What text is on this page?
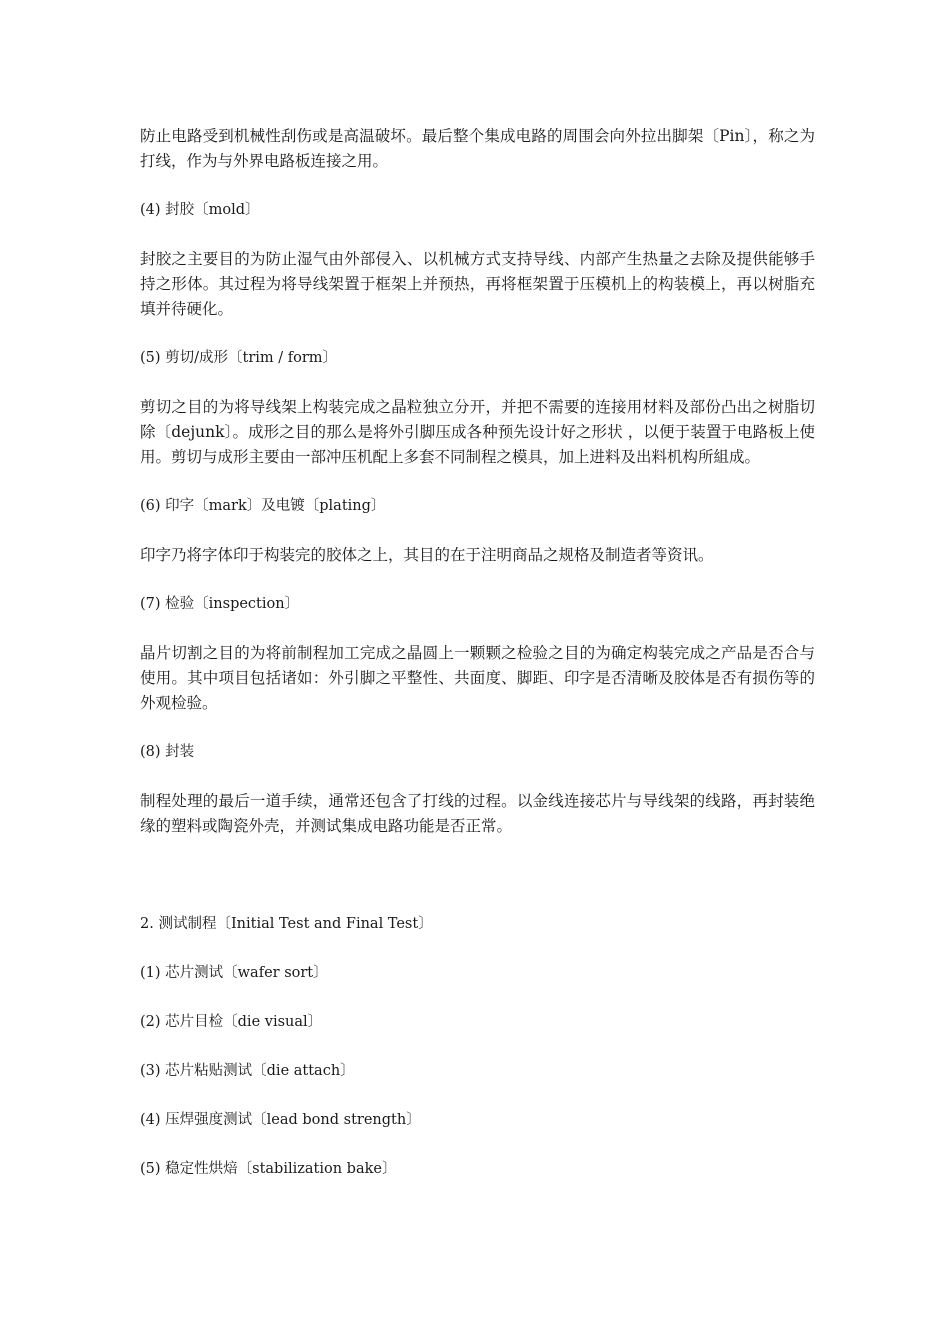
防止电路受到机械性刮伤或是高温破坏。最后整个集成电路的周围会向外拉出脚架〔Pin〕，称之为打线，作为与外界电路板连接之用。

(4) 封胶〔mold〕

封胶之主要目的为防止湿气由外部侵入、以机械方式支持导线、内部产生热量之去除及提供能够手持之形体。其过程为将导线架置于框架上并预热，再将框架置于压模机上的构装模上，再以树脂充填并待硬化。

(5) 剪切/成形〔trim / form〕

剪切之目的为将导线架上构装完成之晶粒独立分开，并把不需要的连接用材料及部份凸出之树脂切除〔dejunk〕。成形之目的那么是将外引脚压成各种预先设计好之形状 ，以便于装置于电路板上使用。剪切与成形主要由一部冲压机配上多套不同制程之模具，加上进料及出料机构所組成。

(6) 印字〔mark〕及电镀〔plating〕

印字乃将字体印于构装完的胶体之上，其目的在于注明商品之规格及制造者等资讯。

(7) 检验〔inspection〕

晶片切割之目的为将前制程加工完成之晶圆上一颗颗之检验之目的为确定构装完成之产品是否合与使用。其中项目包括诸如：外引脚之平整性、共面度、脚距、印字是否清晰及胶体是否有损伤等的外观检验。

(8) 封装

制程处理的最后一道手续，通常还包含了打线的过程。以金线连接芯片与导线架的线路，再封装绝缘的塑料或陶瓷外壳，并测试集成电路功能是否正常。

2. 测试制程〔Initial Test and Final Test〕

(1) 芯片测试〔wafer sort〕

(2) 芯片目检〔die visual〕

(3) 芯片粘贴测试〔die attach〕

(4) 压焊强度测试〔lead bond strength〕

(5) 稳定性烘焙〔stabilization bake〕
